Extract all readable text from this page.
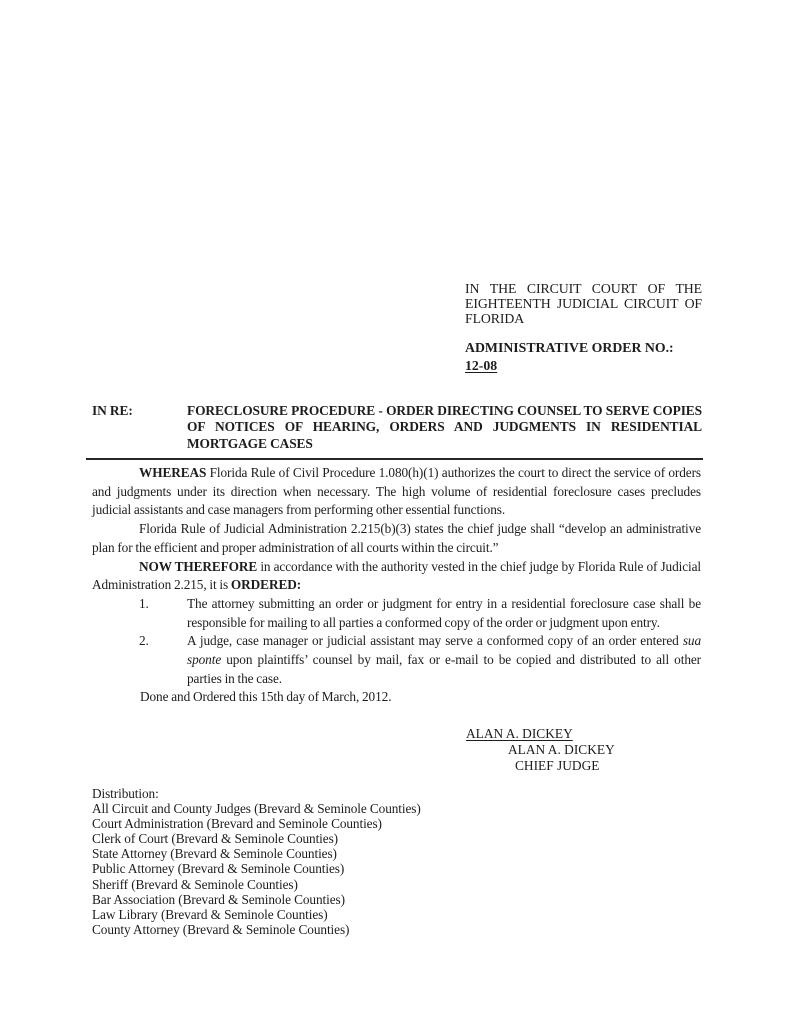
IN THE CIRCUIT COURT OF THE
EIGHTEENTH JUDICIAL CIRCUIT OF
FLORIDA
ADMINISTRATIVE ORDER NO.:
12-08
IN RE:	FORECLOSURE PROCEDURE - ORDER DIRECTING COUNSEL TO SERVE COPIES
OF NOTICES OF HEARING, ORDERS AND JUDGMENTS IN RESIDENTIAL
MORTGAGE CASES
WHEREAS Florida Rule of Civil Procedure 1.080(h)(1) authorizes the court to direct the service of orders
and judgments under its direction when necessary. The high volume of residential foreclosure cases precludes
judicial assistants and case managers from performing other essential functions.
Florida Rule of Judicial Administration 2.215(b)(3) states the chief judge shall “develop an administrative
plan for the efficient and proper administration of all courts within the circuit.”
NOW THEREFORE in accordance with the authority vested in the chief judge by Florida Rule of Judicial
Administration 2.215, it is ORDERED:
1.	The attorney submitting an order or judgment for entry in a residential foreclosure case shall be
responsible for mailing to all parties a conformed copy of the order or judgment upon entry.
2.	A judge, case manager or judicial assistant may serve a conformed copy of an order entered sua
sponte upon plaintiffs’ counsel by mail, fax or e-mail to be copied and distributed to all other
parties in the case.
Done and Ordered this 15th day of March, 2012.
ALAN A. DICKEY
ALAN A. DICKEY
CHIEF JUDGE
Distribution:
All Circuit and County Judges (Brevard & Seminole Counties)
Court Administration (Brevard and Seminole Counties)
Clerk of Court (Brevard & Seminole Counties)
State Attorney (Brevard & Seminole Counties)
Public Attorney (Brevard & Seminole Counties)
Sheriff (Brevard & Seminole Counties)
Bar Association (Brevard & Seminole Counties)
Law Library (Brevard & Seminole Counties)
County Attorney (Brevard & Seminole Counties)
